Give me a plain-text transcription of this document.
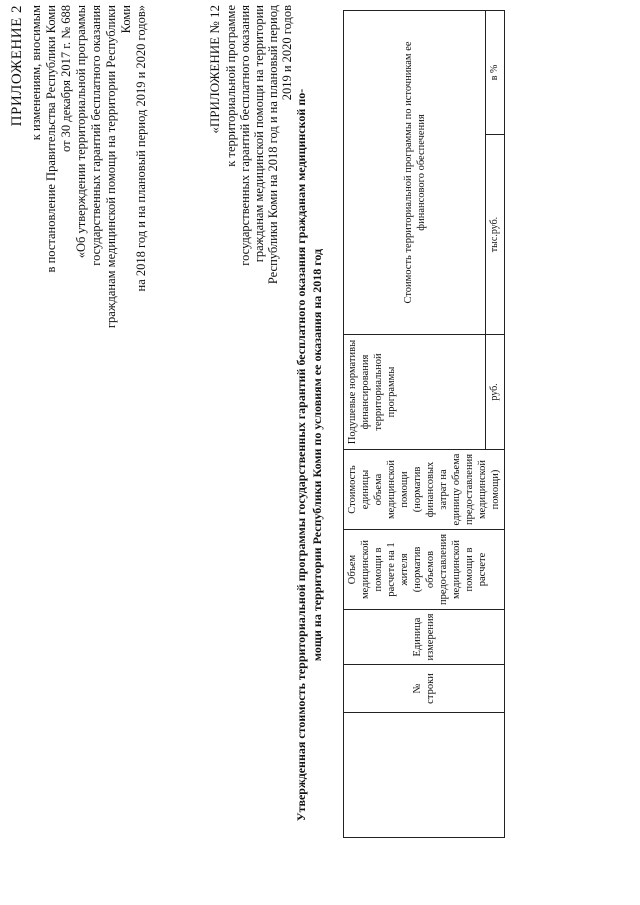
ПРИЛОЖЕНИЕ 2 к изменениям, вносимым в постановление Правительства Республики Коми от 30 декабря 2017 г. № 688 «Об утверждении территориальной программы государственных гарантий бесплатного оказания гражданам медицинской помощи на территории Республики Коми на 2018 год и на плановый период 2019 и 2020 годов»	«ПРИЛОЖЕНИЕ № 12 к территориальной программе государственных гарантий бесплатного оказания гражданам медицинской помощи на территории Республики Коми на 2018 год и на плановый период 2019 и 2020 годов
Утвержденная стоимость территориальной программы государственных гарантий бесплатного оказания гражданам медицинской по- мощи на территории Республики Коми по условиям ее оказания на 2018 год
	№ строки	Единица измерения	Объем медицинской помощи в расчете на 1 жителя (норматив объемов предоставления медицинской помощи в расчете	Стоимость единицы объема медицинской помощи (норматив финансовых затрат на единицу объема предоставления медицинской помощи)	Подушевые нормативы финансирования территориальной программы	Стоимость территориальной программы по источникам ее финансового обеспечения	
					руб.	тыс.руб.	в %
